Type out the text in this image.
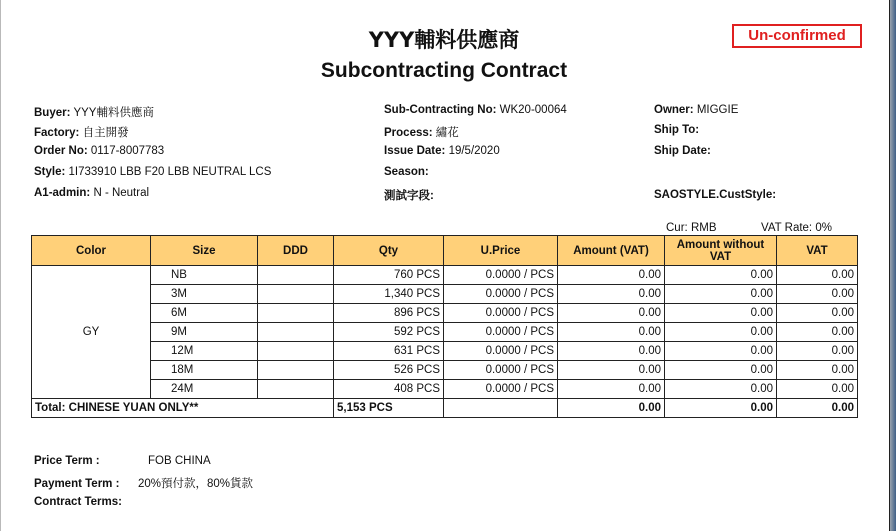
YYY輔料供應商
Subcontracting Contract
Un-confirmed
Buyer: YYY輔料供應商
Factory: 自主開發
Order No: 0117-8007783
Style: 1I733910 LBB F20 LBB NEUTRAL LCS
A1-admin: N - Neutral
Sub-Contracting No: WK20-00064
Process: 繡花
Issue Date: 19/5/2020
Season:
測試字段:
Owner: MIGGIE
Ship To:
Ship Date:
SAOSTYLE.CustStyle:
Cur: RMB	VAT Rate: 0%
Color	Size	DDD	Qty	U.Price	Amount (VAT)	Amount without VAT	VAT
GY	NB		760 PCS	0.0000 / PCS	0.00	0.00	0.00
	3M		1,340 PCS	0.0000 / PCS	0.00	0.00	0.00
	6M		896 PCS	0.0000 / PCS	0.00	0.00	0.00
	9M		592 PCS	0.0000 / PCS	0.00	0.00	0.00
	12M		631 PCS	0.0000 / PCS	0.00	0.00	0.00
	18M		526 PCS	0.0000 / PCS	0.00	0.00	0.00
	24M		408 PCS	0.0000 / PCS	0.00	0.00	0.00
Total: CHINESE YUAN ONLY**			5,153 PCS		0.00	0.00	0.00
Price Term :	FOB CHINA
Payment Term : 20%預付款，80%貨款
Contract Terms:
